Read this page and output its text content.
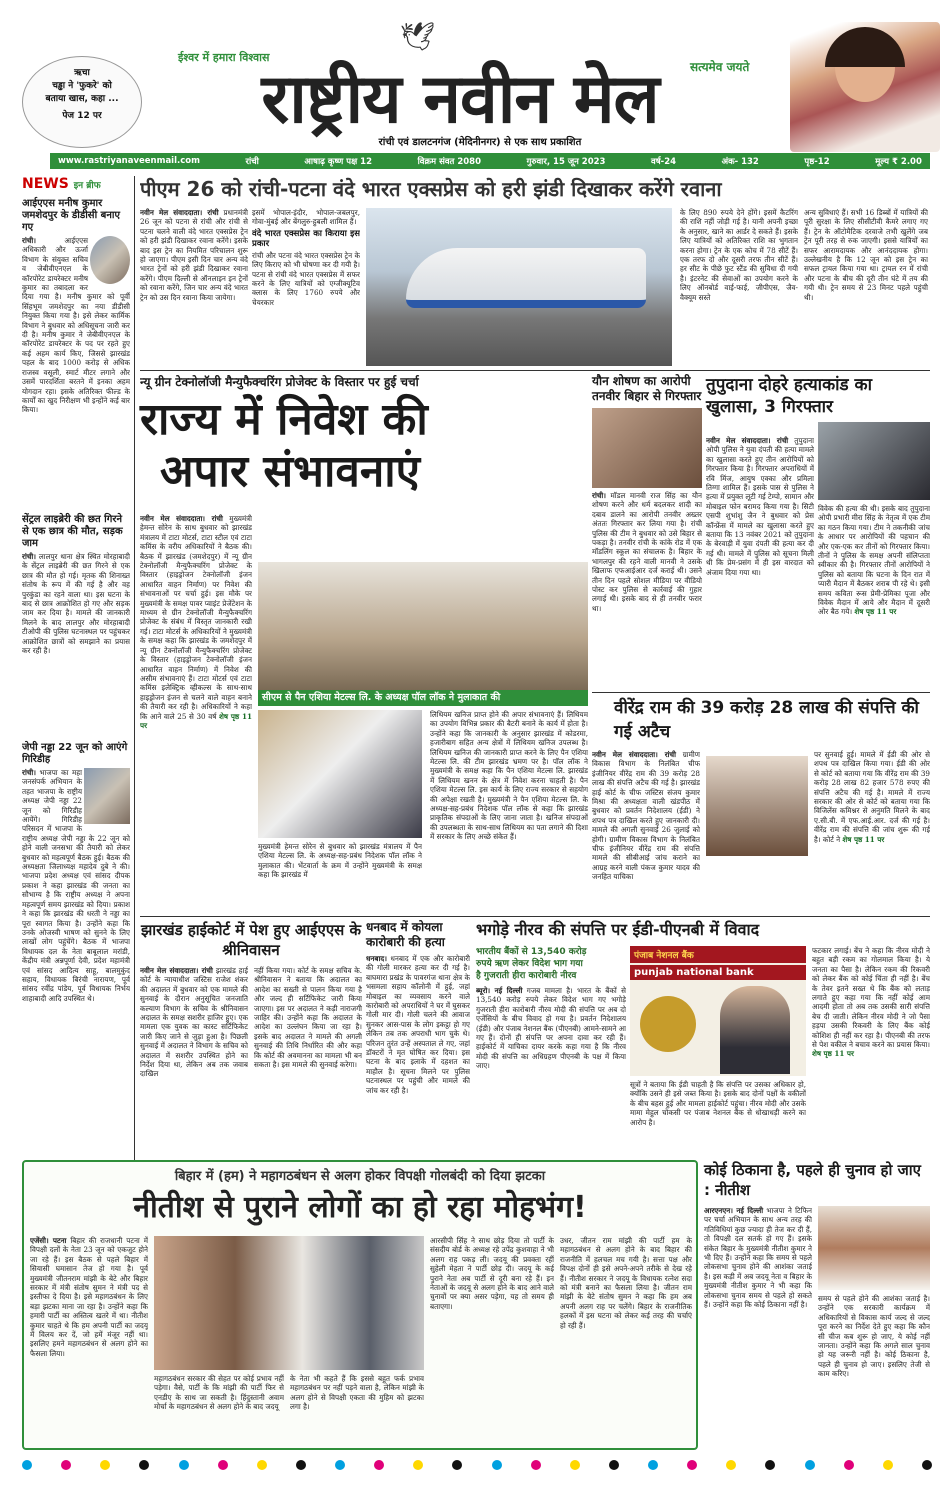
ऋचा
चड्ढा ने 'फुकरे' को
बताया खास, कहा ...
पेज 12 पर
ईश्वर में हमारा विश्वास
🕊
सत्यमेव जयते
राष्ट्रीय नवीन मेल
रांची एवं डालटनगंज (मेदिनीनगर) से एक साथ प्रकाशित
www.rastriyanaveenmail.com	रांची	आषाढ़ कृष्ण पक्ष 12	विक्रम संवत 2080	गुरुवार, 15 जून 2023	वर्ष-24	अंक- 132	पृष्ठ-12	मूल्य ₹ 2.00
NEWS इन ब्रीफ
आईएएस मनीष कुमार जमशेदपुर के डीडीसी बनाए गए
रांची।	आईएएस अधिकारी और ऊर्जा विभाग के संयुक्त सचिव व जेबीवीएनएल के कॉरपोरेट डायरेक्टर मनीष कुमार का तबादला कर दिया गया है। मनीष कुमार को पूर्वी सिंहभूम जमशेदपुर का नया डीडीसी नियुक्त किया गया है। इसे लेकर कार्मिक विभाग ने बुधवार को अधिसूचना जारी कर दी है। मनीष कुमार ने जेबीवीएनएल के कॉरपोरेट डायरेक्टर के पद पर रहते हुए कई अहम कार्य किए, जिससे झारखंड पहल के बाद 1000 करोड़ से अधिक राजस्व वसूली, स्मार्ट मीटर लगाने और उसमें पारदर्शिता बरतने में इनका अहम योगदान रहा। इसके अतिरिक्त फील्ड के कार्यों का खुद निरीक्षण भी इन्होंने कई बार किया।
सेंट्रल लाइब्रेरी की छत गिरने से एक छात्र की मौत, सड़क जाम
रांची। लालपुर थाना क्षेत्र स्थित मोरहाबादी के सेंट्रल लाइब्रेरी की छत गिरने से एक छात्र की मौत हो गई। मृतक की शिनाख्त संतोष के रूप में की गई है और वह पुरकुंडा का रहने वाला था। इस घटना के बाद से छात्र आक्रोशित हो गए और सड़क जाम कर दिया है। मामले की जानकारी मिलने के बाद लालपुर और मोरहाबादी टीओपी की पुलिस घटनास्थल पर पहुंचकर आक्रोशित छात्रों को समझाने का प्रयास कर रही है।
जेपी नड्डा 22 जून को आएंगे गिरिडीह
रांची। भाजपा का महा जनसंपर्क अभियान के तहत भाजपा के राष्ट्रीय अध्यक्ष जेपी नड्डा 22 जून को गिरिडीह आयेंगे। गिरिडीह परिसदन में भाजपा के राष्ट्रीय अध्यक्ष जेपी नड्डा के 22 जून को होने वाली जनसभा की तैयारी को लेकर बुधवार को महत्वपूर्ण बैठक हुई। बैठक की अध्यक्षता जिलाध्यक्ष महादेव दुबे ने की। भाजपा प्रदेश अध्यक्ष एवं सांसद दीपक प्रकाश ने कहा झारखंड की जनता का सौभाग्य है कि राष्ट्रीय अध्यक्ष ने अपना महत्वपूर्ण समय झारखंड को दिया। प्रकाश ने कहा कि झारखंड की धरती ने नड्डा का पूरा स्वागत किया है। उन्होंने कहा कि उनके ओजस्वी भाषण को सुनने के लिए लाखों लोग पहुंचेंगे। बैठक में भाजपा विधायक दल के नेता बाबूलाल मरांडी, केंद्रीय मंत्री अन्नपूर्णा देवी, प्रदेश महामंत्री एवं सांसद आदित्य साहू, बालमुकुंद सहाय, विधायक बिरंची नारायण, पूर्व सांसद रवींद्र पांडेय, पूर्व विधायक निर्भय शाहाबादी आदि उपस्थित थे।
पीएम 26 को रांची-पटना वंदे भारत एक्सप्रेस को हरी झंडी दिखाकर करेंगे रवाना
नवीन मेल संवाददाता। रांची प्रधानमंत्री 26 जून को पटना से रांची और रांची से पटना चलने वाली वंदे भारत एक्सप्रेस ट्रेन को हरी झंडी दिखाकर रवाना करेंगे। इसके बाद इस ट्रेन का नियमित परिचालन शुरू हो जाएगा। पीएम इसी दिन चार अन्य वंदे भारत ट्रेनों को हरी झंडी दिखाकर रवाना करेंगे। पीएम दिल्ली से ऑनलाइन इन ट्रेनों को रवाना करेंगे, जिन चार अन्य वंदे भारत ट्रेन को उस दिन रवाना किया जायेगा।
इसमें भोपाल-इंदौर, भोपाल-जबलपुर, गोवा-मुंबई और बेंगलुरु-हुबली शामिल हैं।
वंदे भारत एक्सप्रेस का किराया इस प्रकार
रांची और पटना वंदे भारत एक्सप्रेस ट्रेन के लिए किराए को भी घोषणा कर दी गयी है। पटना से रांची वंदे भारत एक्सप्रेस में सफर करने के लिए यात्रियों को एग्जीक्यूटिव क्लास के लिए 1760 रुपये और चेयरकार
के लिए 890 रुपये देने होंगे। इसमें कैटरिंग की राशि नहीं जोड़ी गई है। यानी अपनी इच्छा के अनुसार, खाने का आर्डर दे सकते हैं। इसके लिए यात्रियों को अतिरिक्त राशि का भुगतान करना होगा। ट्रेन के एक कोच में 78 सीटें हैं। एक तरफ दो और दूसरी तरफ तीन सीटें हैं। हर सीट के पीछे फुट स्टैंड की सुविधा दी गयी है। इंटरनेट की सेवाओं का उपयोग करने के लिए ऑनबोर्ड वाई-फाई, जीपीएस, जैव-वैक्यूम सस्ते
अन्य सुविधाएं हैं। सभी 16 डिब्बों में यात्रियों की पूरी सुरक्षा के लिए सीसीटीवी कैमरे लगाए गए हैं। ट्रेन के ऑटोमैटिक दरवाजे तभी खुलेंगे जब ट्रेन पूरी तरह से रुक जाएगी। इससे यात्रियों का सफर आरामदायक और आनंददायक होगा। उल्लेखनीय है कि 12 जून को इस ट्रेन का सफल ट्रायल किया गया था। ट्रायल रन में रांची और पटना के बीच की दूरी तीन घंटे में तय की गयी थी। ट्रेन समय से 23 मिनट पहले पहुंची थी।
न्यू ग्रीन टेक्नोलॉजी मैन्युफैक्चरिंग प्रोजेक्ट के विस्तार पर हुई चर्चा
राज्य में निवेश की
अपार संभावनाएं
नवीन मेल संवाददाता। रांची मुख्यमंत्री हेमन्त सोरेन के साथ बुधवार को झारखंड मंत्रालय में टाटा मोटर्स, टाटा स्टील एवं टाटा कमिंस के वरीय अधिकारियों ने बैठक की। बैठक में झारखंड (जमशेदपुर) में न्यू ग्रीन टेक्नोलॉजी मैन्युफैक्चरिंग प्रोजेक्ट के विस्तार (हाइड्रोजन टेक्नोलॉजी इंजन आधारित वाहन निर्माण) पर निवेश की संभावनाओं पर चर्चा हुई। इस मौके पर मुख्यमंत्री के समक्ष पावर प्वाइंट प्रेजेंटेशन के माध्यम से ग्रीन टेक्नोलॉजी मैन्युफैक्चरिंग प्रोजेक्ट के संबंध में विस्तृत जानकारी रखी गई। टाटा मोटर्स के अधिकारियों ने मुख्यमंत्री के समक्ष कहा कि झारखंड के जमशेदपुर में न्यू ग्रीन टेक्नोलॉजी मैन्युफैक्चरिंग प्रोजेक्ट के विस्तार (हाइड्रोजन टेक्नोलॉजी इंजन आधारित वाहन निर्माण) में निवेश की असीम संभावनाएं हैं। टाटा मोटर्स एवं टाटा कमिंस इलेक्ट्रिक व्हीकल्स के साथ-साथ हाइड्रोजन इंजन से चलने वाले वाहन बनाने की तैयारी कर रही है। अधिकारियों ने कहा कि आने वाले 25 से 30 वर्ष शेष पृष्ठ 11 पर
सीएम से पैन एशिया मेटल्स लि. के अध्यक्ष पॉल लॉक ने मुलाकात की
मुख्यमंत्री हेमन्त सोरेन से बुधवार को झारखंड मंत्रालय में पैन एशिया मेटल्स लि. के अध्यक्ष-सह-प्रबंध निदेशक पॉल लॉक ने मुलाकात की। भेंटवार्ता के क्रम में उन्होंने मुख्यमंत्री के समक्ष कहा कि झारखंड में
लिथियम खनिज प्राप्त होने की अपार संभावनाएं हैं। लिथियम का उपयोग विभिन्न प्रकार की बैटरी बनाने के कार्य में होता है। उन्होंने कहा कि जानकारी के अनुसार झारखंड में कोडरमा, हजारीबाग सहित अन्य क्षेत्रों में लिथियम खनिज उपलब्ध है। लिथियम खनिज की जानकारी प्राप्त करने के लिए पैन एशिया मेटल्स लि. की टीम झारखंड भ्रमण पर है। पॉल लॉक ने मुख्यमंत्री के समक्ष कहा कि पैन एशिया मेटल्स लि. झारखंड में लिथियम खनन के क्षेत्र में निवेश करना चाहती है। पैन एशिया मेटल्स लि. इस कार्य के लिए राज्य सरकार से सहयोग की अपेक्षा रखती है। मुख्यमंत्री ने पैन एशिया मेटल्स लि. के अध्यक्ष-सह-प्रबंध निदेशक पॉल लॉक से कहा कि झारखंड प्राकृतिक संपदाओं के लिए जाना जाता है। खनिज संपदाओं की उपलब्धता के साथ-साथ लिथियम का पता लगाने की दिशा में सरकार के लिए अच्छे संकेत हैं।
यौन शोषण का आरोपी तनवीर बिहार से गिरफ्तार
रांची। मॉडल मानवी राज सिंह का यौन शोषण करने और धर्म बदलकर शादी का दबाव डालने का आरोपी तनवीर अख्तर अंततः गिरफ्तार कर लिया गया है। रांची पुलिस की टीम ने बुधवार को उसे बिहार से पकड़ा है। तनवीर रांची के कांके रोड में एक मॉडलिंग स्कूल का संचालक है। बिहार के भागलपुर की रहने वाली मानवी ने उसके खिलाफ एफआईआर दर्ज कराई थी। उसने तीन दिन पहले सोशल मीडिया पर वीडियो पोस्ट कर पुलिस से कार्रवाई की गुहार लगाई थी। इसके बाद से ही तनवीर फरार था।
तुपुदाना दोहरे हत्याकांड का खुलासा, 3 गिरफ्तार
नवीन मेल संवाददाता। रांची तुपुदाना ओपी पुलिस ने युवा दंपती की हत्या मामले का खुलासा करते हुए तीन आरोपियों को गिरफ्तार किया है। गिरफ्तार अपराधियों में रवि मिंज, आयुष एक्का और प्रमिला तिग्गा शामिल हैं। इसके पास से पुलिस ने हत्या में प्रयुक्त लूटी गई टेम्पो, सामान और मोबाइल फोन बरामद किया गया है। सिटी एसपी शुभांशु जैन ने बुधवार को प्रेस कॉन्फ्रेंस में मामले का खुलासा करते हुए बताया कि 13 नवंबर 2021 को तुपुदाना के बेरवाड़ी में युवा दंपती की हत्या कर दी गई थी। मामले में पुलिस को सूचना मिली थी कि प्रेम-प्रसंग में ही इस वारदात को अंजाम दिया गया था।
विवेक की हत्या की थी। इसके बाद तुपुदाना ओपी प्रभारी मीरा सिंह के नेतृत्व में एक टीम का गठन किया गया। टीम ने तकनीकी जांच के आधार पर आरोपियों की पहचान की और एक-एक कर तीनों को गिरफ्तार किया। तीनों ने पुलिस के समक्ष अपनी संलिप्तता स्वीकार की है। गिरफ्तार तीनों आरोपियों ने पुलिस को बताया कि घटना के दिन रात में प्यारी मैदान में बैठकर शराब पी रहे थे। इसी समय कविता रूस प्रेमी-प्रेमिका पूजा और विवेक मैदान में आये और मैदान में दूसरी ओर बैठ गये। शेष पृष्ठ 11 पर
वीरेंद्र राम की 39 करोड़ 28 लाख की संपत्ति की गई अटैच
नवीन मेल संवाददाता। रांची ग्रामीण विकास विभाग के निलंबित चीफ इंजीनियर वीरेंद्र राम की 39 करोड़ 28 लाख की संपत्ति अटैच की गई है। झारखंड हाई कोर्ट के चीफ जस्टिस संजय कुमार मिश्रा की अध्यक्षता वाली खंडपीठ में बुधवार को प्रवर्तन निदेशालय (ईडी) ने शपथ पत्र दाखिल करते हुए जानकारी दी। मामले की अगली सुनवाई 26 जुलाई को होगी। ग्रामीण विकास विभाग के निलंबित चीफ इंजीनियर वीरेंद्र राम की संपत्ति मामले की सीबीआई जांच कराने का आग्रह करने वाली पंकज कुमार यादव की जनहित याचिका
पर सुनवाई हुई। मामले में ईडी की ओर से शपथ पत्र दाखिल किया गया। ईडी की ओर से कोर्ट को बताया गया कि वीरेंद्र राम की 39 करोड़ 28 लाख 82 हजार 578 रुपए की संपत्ति अटैच की गई है। मामले में राज्य सरकार की ओर से कोर्ट को बताया गया कि विजिलेंस कमिश्नर से अनुमति मिलने के बाद ए.सी.बी. में एफ.आई.आर. दर्ज की गई है। वीरेंद्र राम की संपत्ति की जांच शुरू की गई है। कोर्ट ने शेष पृष्ठ 11 पर
झारखंड हाईकोर्ट में पेश हुए आईएएस के श्रीनिवासन
नवीन मेल संवाददाता। रांची झारखंड हाई कोर्ट के न्यायाधीश जस्टिस राजेश शंकर की अदालत में बुधवार को एक मामले की सुनवाई के दौरान अनुसूचित जनजाति कल्याण विभाग के सचिव के श्रीनिवासन अदालत के समक्ष सशरीर हाजिर हुए। एक मामला एक युवक का कास्ट सर्टिफिकेट जारी किए जाने से जुड़ा हुआ है। पिछली सुनवाई में अदालत ने विभाग के सचिव को अदालत में सशरीर उपस्थित होने का निर्देश दिया था, लेकिन अब तक जवाब दाखिल
नहीं किया गया। कोर्ट के समक्ष सचिव के. श्रीनिवासन ने बताया कि अदालत का आदेश का सख्ती से पालन किया गया है और जल्द ही सर्टिफिकेट जारी किया जाएगा। इस पर अदालत ने कड़ी नाराजगी जाहिर की। उन्होंने कहा कि अदालत के आदेश का उल्लंघन किया जा रहा है। इसके बाद अदालत ने मामले की अगली सुनवाई की तिथि निर्धारित की और कहा कि कोर्ट की अवमानना का मामला भी बन सकता है। इस मामले की सुनवाई करेगा।
धनबाद में कोयला कारोबारी की हत्या
धनबाद। धनबाद में एक और कारोबारी की गोली मारकर हत्या कर दी गई है। बाघमारा प्रखंड के पावरगंज थाना क्षेत्र के भसमला सहाय कॉलोनी में हुई, जहां मोबाइल का व्यवसाय करने वाले कारोबारी को अपराधियों ने घर में घुसकर गोली मार दी। गोली चलने की आवाज सुनकर आस-पास के लोग इकट्ठा हो गए लेकिन तब तक अपराधी भाग चुके थे। परिजन तुरंत उन्हें अस्पताल ले गए, जहां डॉक्टरों ने मृत घोषित कर दिया। इस घटना के बाद इलाके में दहशत का माहौल है। सूचना मिलने पर पुलिस घटनास्थल पर पहुंची और मामले की जांच कर रही है।
भगोड़े नीरव की संपत्ति पर ईडी-पीएनबी में विवाद
भारतीय बैंकों से 13,540 करोड़
रुपये ऋण लेकर विदेश भाग गया
है गुजराती हीरा कारोबारी नीरव
ब्यूरो। नई दिल्ली गजब मामला है। भारत के बैंकों से 13,540 करोड़ रुपये लेकर विदेश भाग गए भगोड़े गुजराती हीरा कारोबारी नीरव मोदी की संपत्ति पर अब दो एजेंसियों के बीच विवाद हो गया है। प्रवर्तन निदेशालय (ईडी) और पंजाब नेशनल बैंक (पीएनबी) आमने-सामने आ गए हैं। दोनों ही संपत्ति पर अपना दावा कर रही हैं। हाईकोर्ट में याचिका दायर करके कहा गया है कि नीरव मोदी की संपत्ति का अधिग्रहण पीएनबी के पक्ष में किया जाए।
पंजाब नेशनल बैंक
punjab national bank
सूत्रों ने बताया कि ईडी चाहती है कि संपत्ति पर उसका अधिकार हो, क्योंकि उसने ही इसे जब्त किया है। इसके बाद दोनों पक्षों के वकीलों के बीच बहस हुई और मामला हाईकोर्ट पहुंचा। नीरव मोदी और उसके मामा मेहुल चोकसी पर पंजाब नेशनल बैंक से धोखाधड़ी करने का आरोप है।
फटकार लगाई। बेंच ने कहा कि नीरव मोदी ने बहुत बड़ी रकम का गोलमाल किया है। ये जनता का पैसा है। लेकिन रकम की रिकवरी को लेकर बैंक को कोई चिंता ही नहीं है। बेंच के तेवर इतने सख्त थे कि बैंक को लताड़ लगाते हुए कहा गया कि नहीं कोई आम आदमी होता तो अब तक उसकी सारी संपत्ति बेच दी जाती। लेकिन नीरव मोदी ने जो पैसा हड़पा उसकी रिकवरी के लिए बैंक कोई कोशिश ही नहीं कर रहा है। पीएनबी की तरफ से पेश वकील ने बचाव करने का प्रयास किया। शेष पृष्ठ 11 पर
बिहार में (हम) ने महागठबंधन से अलग होकर विपक्षी गोलबंदी को दिया झटका
नीतीश से पुराने लोगों का हो रहा मोहभंग!
एजेंसी। पटना बिहार की राजधानी पटना में विपक्षी दलों के नेता 23 जून को एकजुट होने जा रहे हैं। इस बैठक से पहले बिहार में सियासी घमासान तेज हो गया है। पूर्व मुख्यमंत्री जीतनराम मांझी के बेटे और बिहार सरकार में मंत्री संतोष सुमन ने मंत्री पद से इस्तीफा दे दिया है। इसे महागठबंधन के लिए बड़ा झटका माना जा रहा है। उन्होंने कहा कि हमारी पार्टी का अस्तित्व खतरे में था। नीतीश कुमार चाहते थे कि हम अपनी पार्टी का जदयू में विलय कर दें, जो हमें मंजूर नहीं था। इसलिए हमने महागठबंधन से अलग होने का फैसला लिया।
महागठबंधन सरकार की सेहत पर कोई प्रभाव नहीं पड़ेगा। वैसे, पार्टी के कि मांझी की पार्टी फिर से एनडीए के साथ जा सकती है। हिंदुस्तानी अवाम मोर्चा के महागठबंधन से अलग होने के बाद जदयू
के नेता भी कहते हैं कि इससे बहुत फर्क प्रभाव महागठबंधन पर नहीं पड़ने वाला है, लेकिन मांझी के अलग होने से विपक्षी एकता की मुहिम को झटका लगा है।
आरसीपी सिंह ने साथ छोड़ दिया तो पार्टी के संसदीय बोर्ड के अध्यक्ष रहे उपेंद्र कुशवाहा ने भी अलग राह पकड़ ली। जदयू की प्रवक्ता रहीं सुहेली मेहता ने पार्टी छोड़ दी। जदयू के कई पुराने नेता अब पार्टी से दूरी बना रहे हैं। इन नेताओं के जदयू से अलग होने के बाद आने वाले चुनावों पर क्या असर पड़ेगा, यह तो समय ही बताएगा।
उधर, जीतन राम मांझी की पार्टी हम के महागठबंधन से अलग होने के बाद बिहार की राजनीति में हलचल मच गयी है। सत्ता पक्ष और विपक्ष दोनों ही इसे अपने-अपने तरीके से देख रहे हैं। नीतीश सरकार ने जदयू के विधायक रत्नेश सदा को मंत्री बनाने का फैसला लिया है। जीतन राम मांझी के बेटे संतोष सुमन ने कहा कि हम अब अपनी अलग राह पर चलेंगे। बिहार के राजनीतिक हलकों में इस घटना को लेकर कई तरह की चर्चाएं हो रही हैं।
कोई ठिकाना है, पहले ही चुनाव हो जाए : नीतीश
आरएनएन। नई दिल्ली भाजपा ने टिफिन पर चर्चा अभियान के साथ अन्य तरह की गतिविधियां कुछ ज्यादा ही तेज कर दी हैं, तो विपक्षी दल सतर्क हो गए हैं। इसके संकेत बिहार के मुख्यमंत्री नीतीश कुमार ने भी दिए हैं। उन्होंने कहा कि समय से पहले लोकसभा चुनाव होने की आशंका जताई है। इस कड़ी में अब जदयू नेता व बिहार के मुख्यमंत्री नीतीश कुमार ने भी कहा कि लोकसभा चुनाव समय से पहले हो सकते हैं। उन्होंने कहा कि कोई ठिकाना नहीं है।
समय से पहले होने की आशंका जताई है। उन्होंने एक सरकारी कार्यक्रम में अधिकारियों से विकास कार्य जल्द से जल्द पूरा करने का निर्देश देते हुए कहा कि कौन सी चीज कब शुरू हो जाए, ये कोई नहीं जानता। उन्होंने कहा कि अगले साल चुनाव हो यह जरूरी नहीं है। कोई ठिकाना है, पहले ही चुनाव हो जाए। इसलिए तेजी से काम करिए।
